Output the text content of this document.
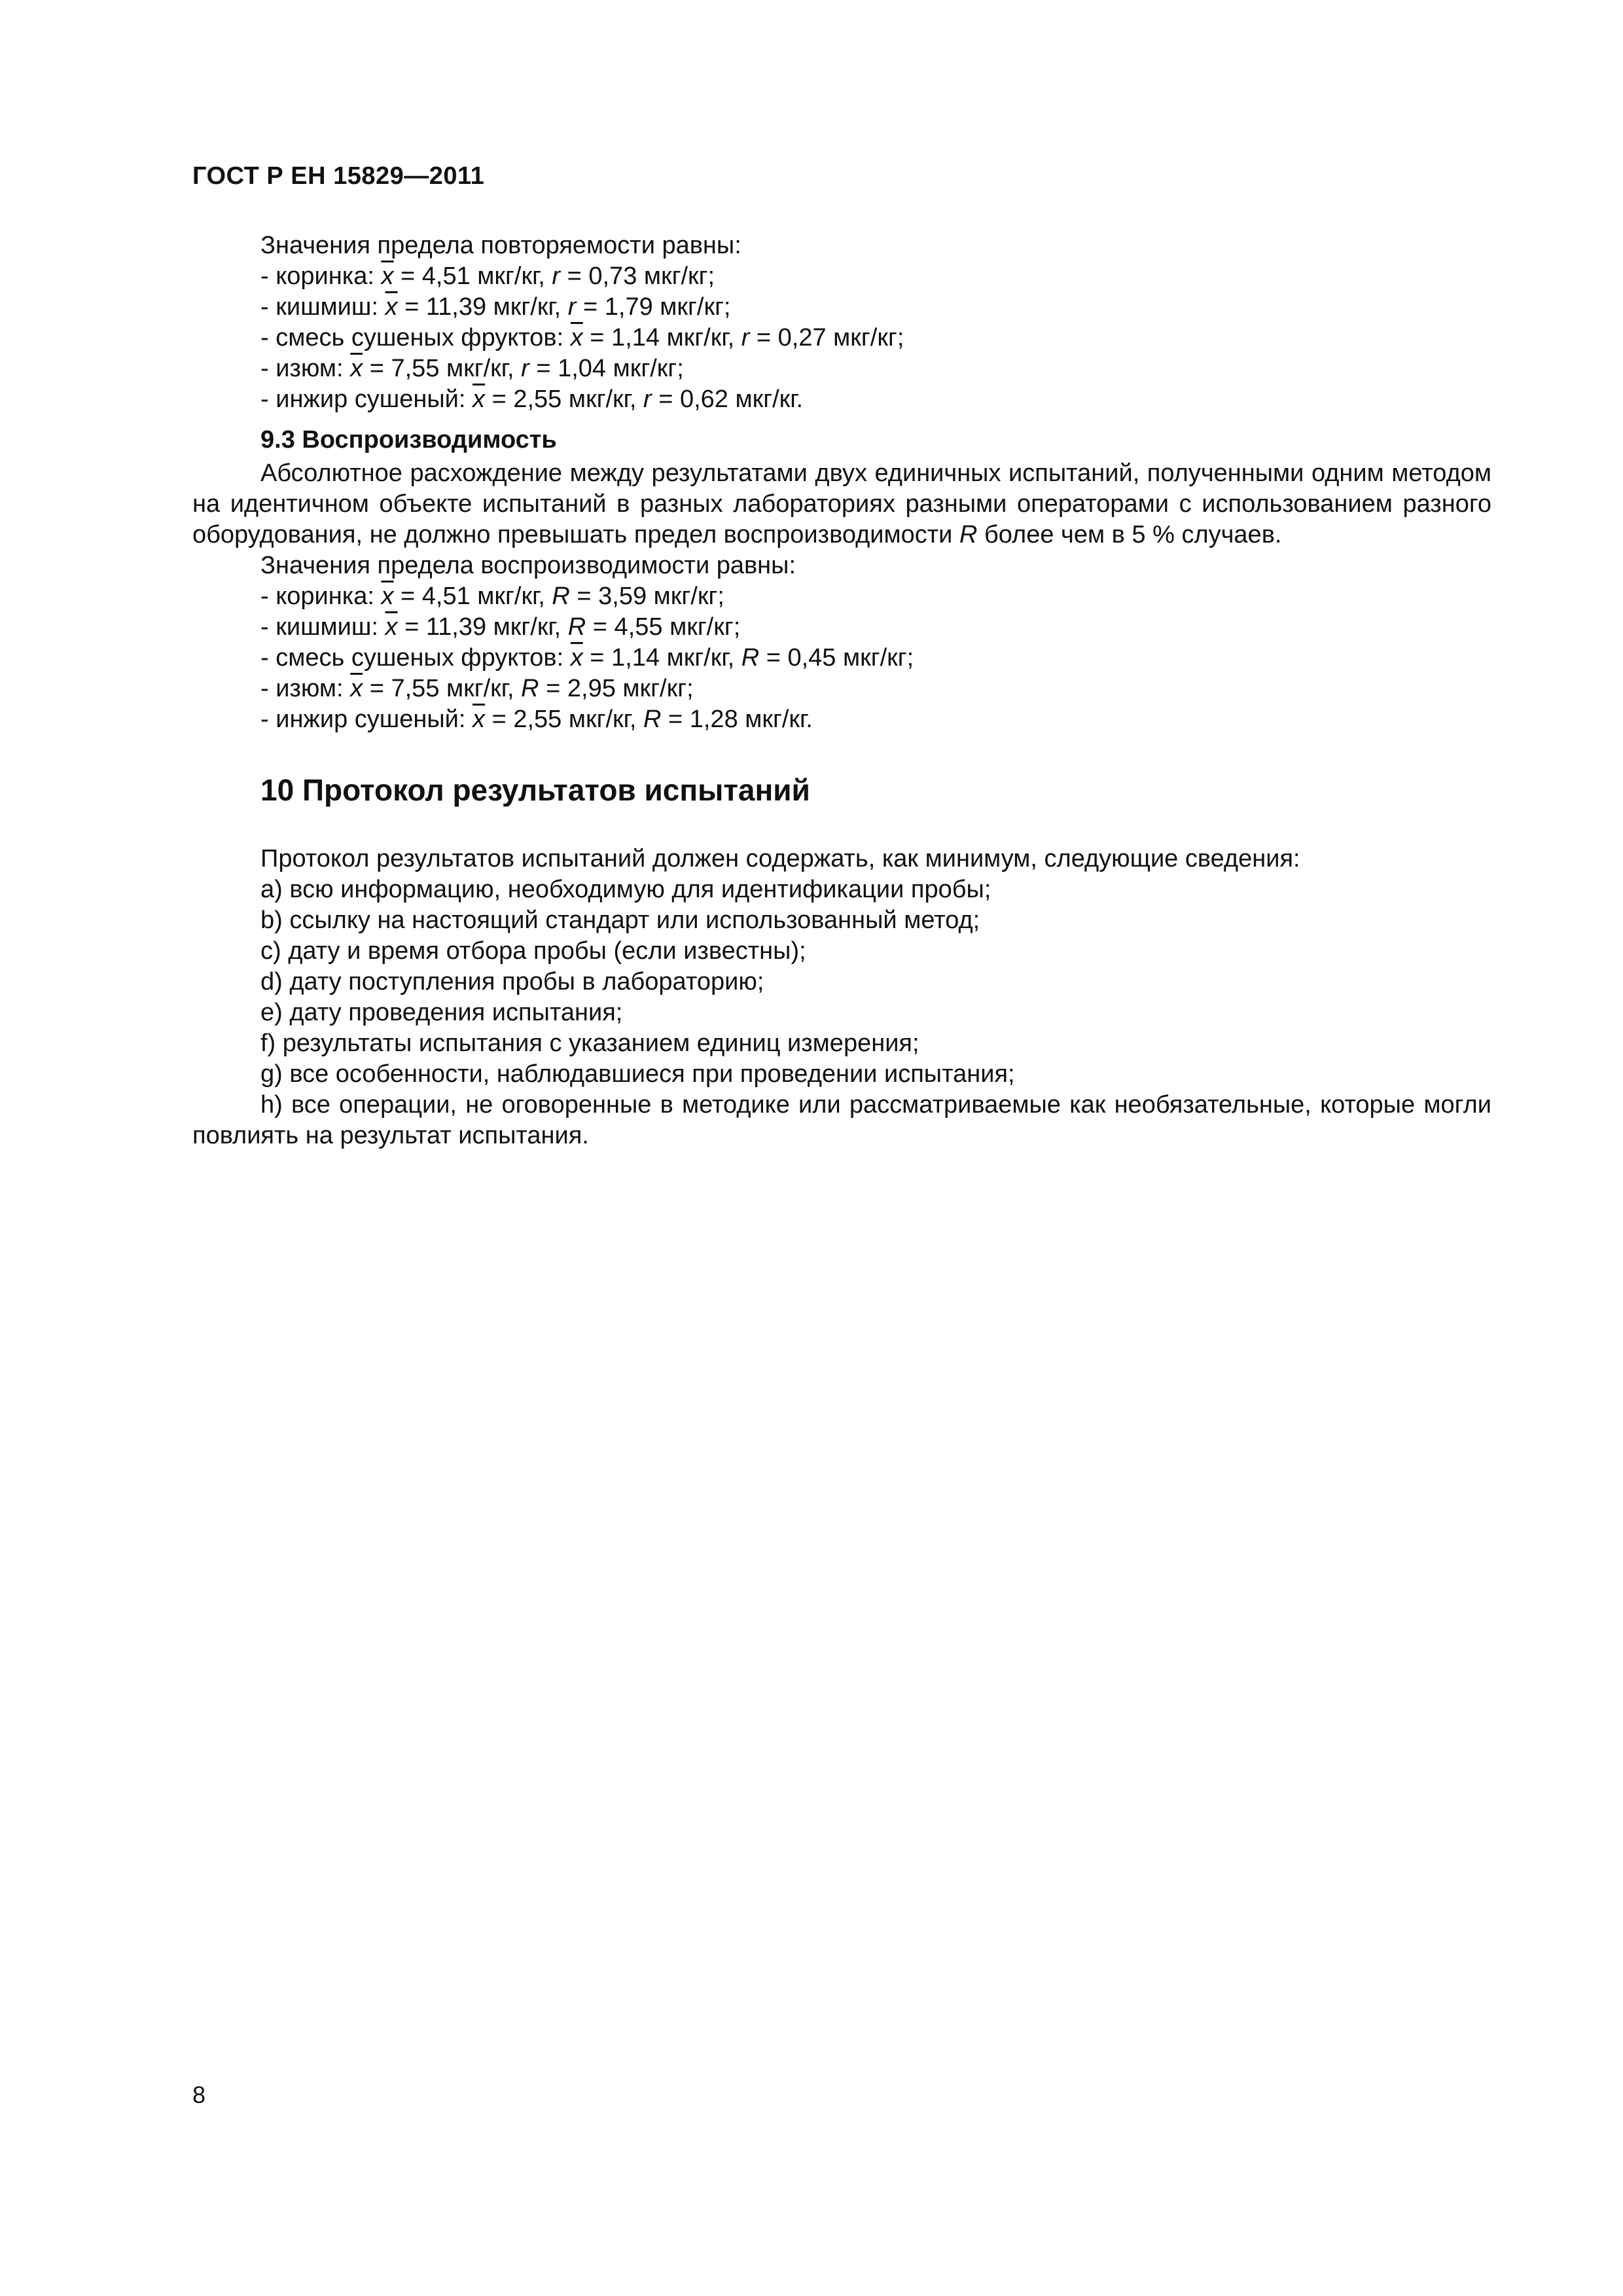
ГОСТ Р ЕН 15829—2011

Значения предела повторяемости равны:

- коринка: $\overline{x} = 4,51$ мкг/кг, r = 0,73 мкг/кг;

- кишмиш: $\overline{x} = 11,39$ мкг/кг, r = 1,79 мкг/кг;

- смесь сушеных фруктов: $\overline{x} = 1,14$ мкг/кг, r = 0,27 мкг/кг;

- изюм: $\overline{x} = 7,55$ мкг/кг, r = 1,04 мкг/кг;

- инжир сушеный: $\overline{x} = 2,55$ мкг/кг, r = 0,62 мкг/кг.

9.3 Воспроизводимость

Абсолютное расхождение между результатами двух единичных испытаний, полученными одним методом на идентичном объекте испытаний в разных лабораториях разными операторами с использованием разного оборудования, не должно превышать предел воспроизводимости R более чем в 5 % случаев.

Значения предела воспроизводимости равны:

- коринка: $\overline{x} = 4,51$ мкг/кг, R = 3,59 мкг/кг;

- кишмиш: $\overline{x} = 11,39$ мкг/кг, R = 4,55 мкг/кг;

- смесь сушеных фруктов: $\overline{x} = 1,14$ мкг/кг, R = 0,45 мкг/кг;

- изюм: $\overline{x} = 7,55$ мкг/кг, R = 2,95 мкг/кг;

- инжир сушеный: $\overline{x} = 2,55$ мкг/кг, R = 1,28 мкг/кг.

10 Протокол результатов испытаний

Протокол результатов испытаний должен содержать, как минимум, следующие сведения:

a) всю информацию, необходимую для идентификации пробы;

b) ссылку на настоящий стандарт или использованный метод;

c) дату и время отбора пробы (если известны);

d) дату поступления пробы в лабораторию;

e) дату проведения испытания;

f) результаты испытания с указанием единиц измерения;

g) все особенности, наблюдавшиеся при проведении испытания;

h) все операции, не оговоренные в методике или рассматриваемые как необязательные, которые могли повлиять на результат испытания.

8
